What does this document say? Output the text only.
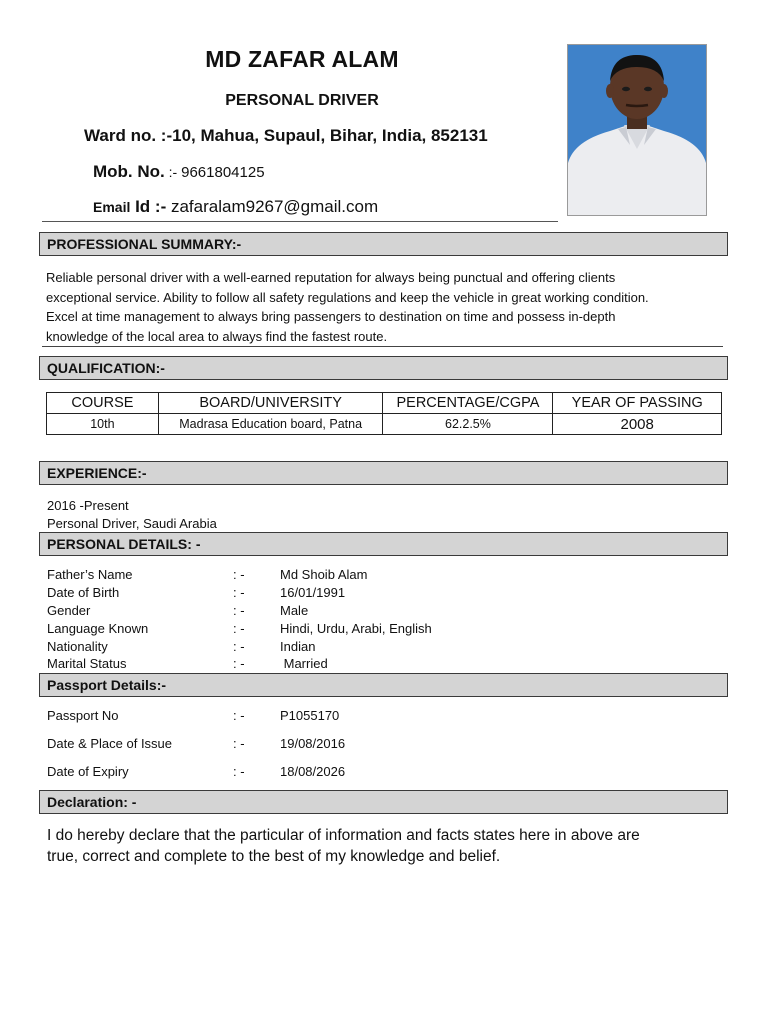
MD ZAFAR ALAM
PERSONAL DRIVER
Ward no. :-10, Mahua, Supaul, Bihar, India, 852131
Mob. No. :- 9661804125
Email Id :- zafaralam9267@gmail.com
PROFESSIONAL SUMMARY:-
Reliable personal driver with a well-earned reputation for always being punctual and offering clients
exceptional service. Ability to follow all safety regulations and keep the vehicle in great working condition.
Excel at time management to always bring passengers to destination on time and possess in-depth
knowledge of the local area to always find the fastest route.
QUALIFICATION:-
COURSE	BOARD/UNIVERSITY	PERCENTAGE/CGPA	YEAR OF PASSING
10th	Madrasa Education board, Patna	62.2.5%	2008
EXPERIENCE:-
2016 -Present
Personal Driver, Saudi Arabia
PERSONAL DETAILS: -
Father’s Name	: -	Md Shoib Alam
Date of Birth	: -	16/01/1991
Gender	: -	Male
Language Known	: -	Hindi, Urdu, Arabi, English
Nationality	: -	Indian
Marital Status	: -	Married
Passport Details:-
Passport No	: -	P1055170
Date & Place of Issue	: -	19/08/2016
Date of Expiry	: -	18/08/2026
Declaration: -
I do hereby declare that the particular of information and facts states here in above are
true, correct and complete to the best of my knowledge and belief.
